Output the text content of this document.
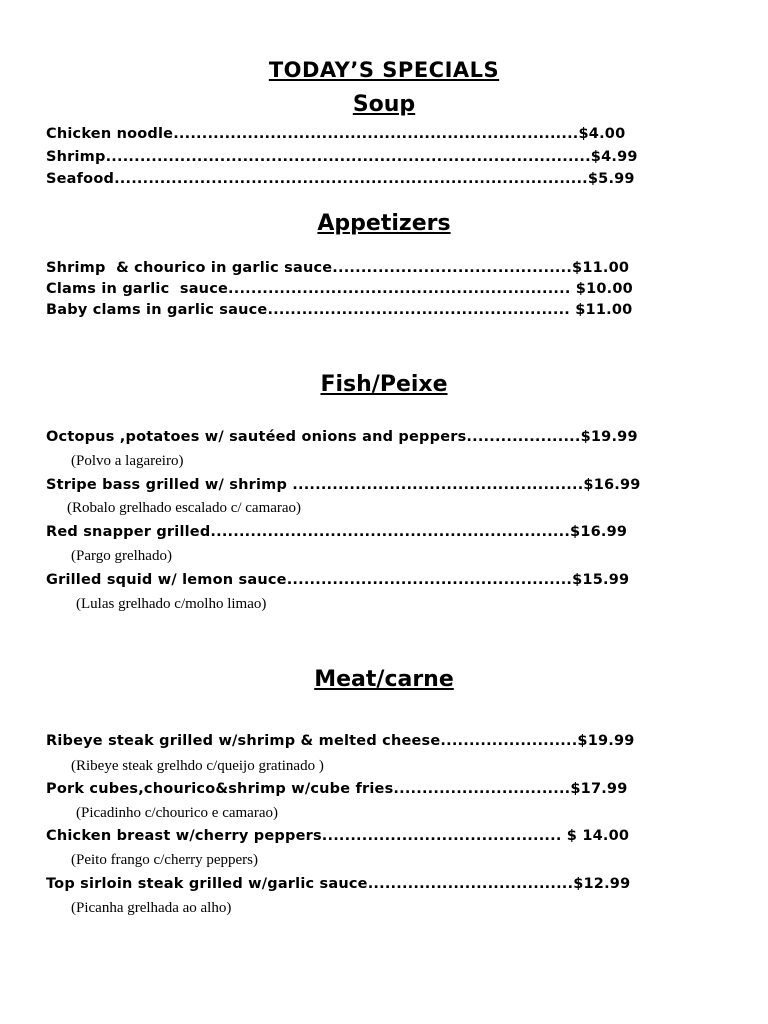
TODAY’S SPECIALS
Soup
Chicken noodle.......................................................................$4.00
Shrimp.....................................................................................$4.99
Seafood...................................................................................$5.99
Appetizers
Shrimp  & chourico in garlic sauce..........................................$11.00
Clams in garlic  sauce............................................................ $10.00
Baby clams in garlic sauce..................................................... $11.00
Fish/Peixe
Octopus ,potatoes w/ sautéed onions and peppers....................$19.99
(Polvo a lagareiro)
Stripe bass grilled w/ shrimp ...................................................$16.99
(Robalo grelhado escalado c/ camarao)
Red snapper grilled...............................................................$16.99
(Pargo grelhado)
Grilled squid w/ lemon sauce..................................................$15.99
(Lulas grelhado c/molho limao)
Meat/carne
Ribeye steak grilled w/shrimp & melted cheese........................$19.99
(Ribeye steak grelhdo c/queijo gratinado )
Pork cubes,chourico&shrimp w/cube fries...............................$17.99
(Picadinho c/chourico e camarao)
Chicken breast w/cherry peppers.......................................... $ 14.00
(Peito frango c/cherry peppers)
Top sirloin steak grilled w/garlic sauce....................................$12.99
(Picanha grelhada ao alho)
